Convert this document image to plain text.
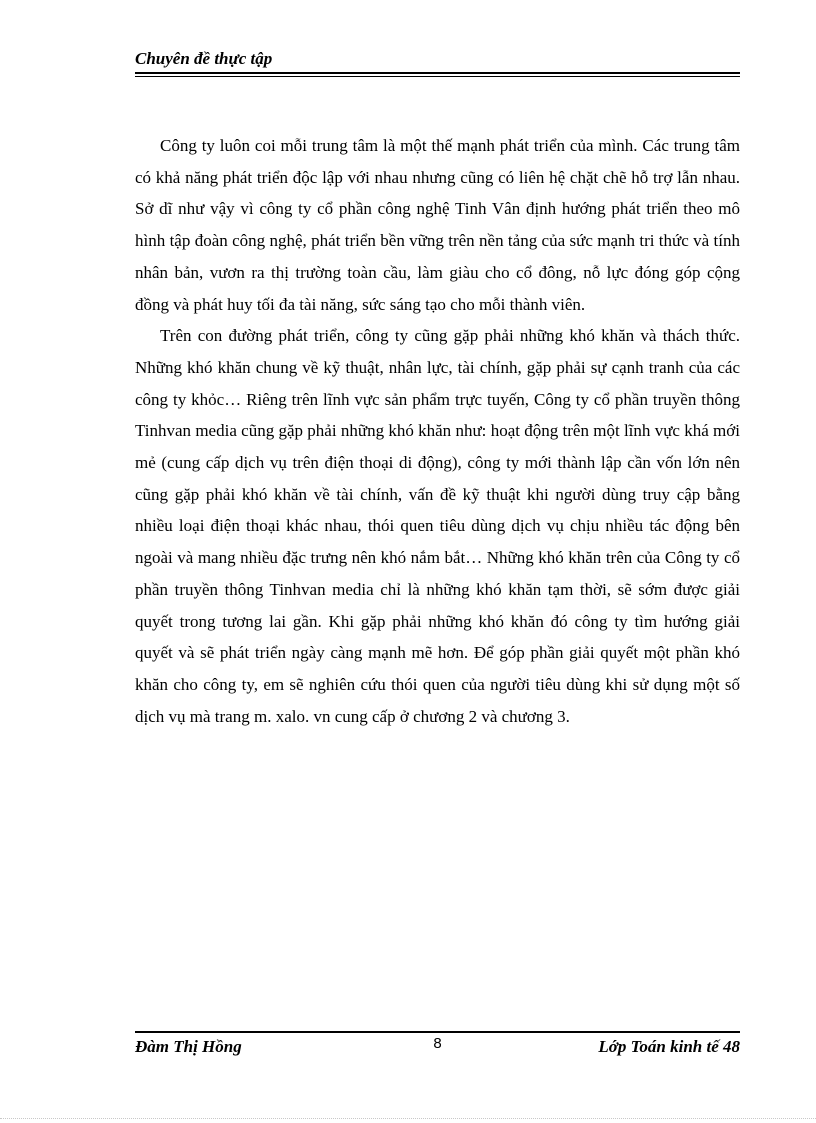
Chuyên đề thực tập

Công ty luôn coi mỗi trung tâm là một thế mạnh phát triển của mình. Các trung tâm có khả năng phát triển độc lập với nhau nhưng cũng có liên hệ chặt chẽ hỗ trợ lẫn nhau. Sở dĩ như vậy vì công ty cổ phần công nghệ Tinh Vân định hướng phát triển theo mô hình tập đoàn công nghệ, phát triển bền vững trên nền tảng của sức mạnh tri thức và tính nhân bản, vươn ra thị trường toàn cầu, làm giàu cho cổ đông, nỗ lực đóng góp cộng đồng và phát huy tối đa tài năng, sức sáng tạo cho mỗi thành viên.

Trên con đường phát triển, công ty cũng gặp phải những khó khăn và thách thức. Những khó khăn chung về kỹ thuật, nhân lực, tài chính, gặp phải sự cạnh tranh của các công ty khỏc… Riêng trên lĩnh vực sản phẩm trực tuyến, Công ty cổ phần truyền thông Tinhvan media cũng gặp phải những khó khăn như: hoạt động trên một lĩnh vực khá mới mẻ (cung cấp dịch vụ trên điện thoại di động), công ty mới thành lập cần vốn lớn nên cũng gặp phải khó khăn về tài chính, vấn đề kỹ thuật khi người dùng truy cập bằng nhiều loại điện thoại khác nhau, thói quen tiêu dùng dịch vụ chịu nhiều tác động bên ngoài và mang nhiều đặc trưng nên khó nắm bắt… Những khó khăn trên của Công ty cổ phần truyền thông Tinhvan media chỉ là những khó khăn tạm thời, sẽ sớm được giải quyết trong tương lai gần. Khi gặp phải những khó khăn đó công ty tìm hướng giải quyết và sẽ phát triển ngày càng mạnh mẽ hơn. Để góp phần giải quyết một phần khó khăn cho công ty, em sẽ nghiên cứu thói quen của người tiêu dùng khi sử dụng một số dịch vụ mà trang m. xalo. vn cung cấp ở chương 2 và chương 3.

Đàm Thị Hồng	8	Lớp Toán kinh tế 48
